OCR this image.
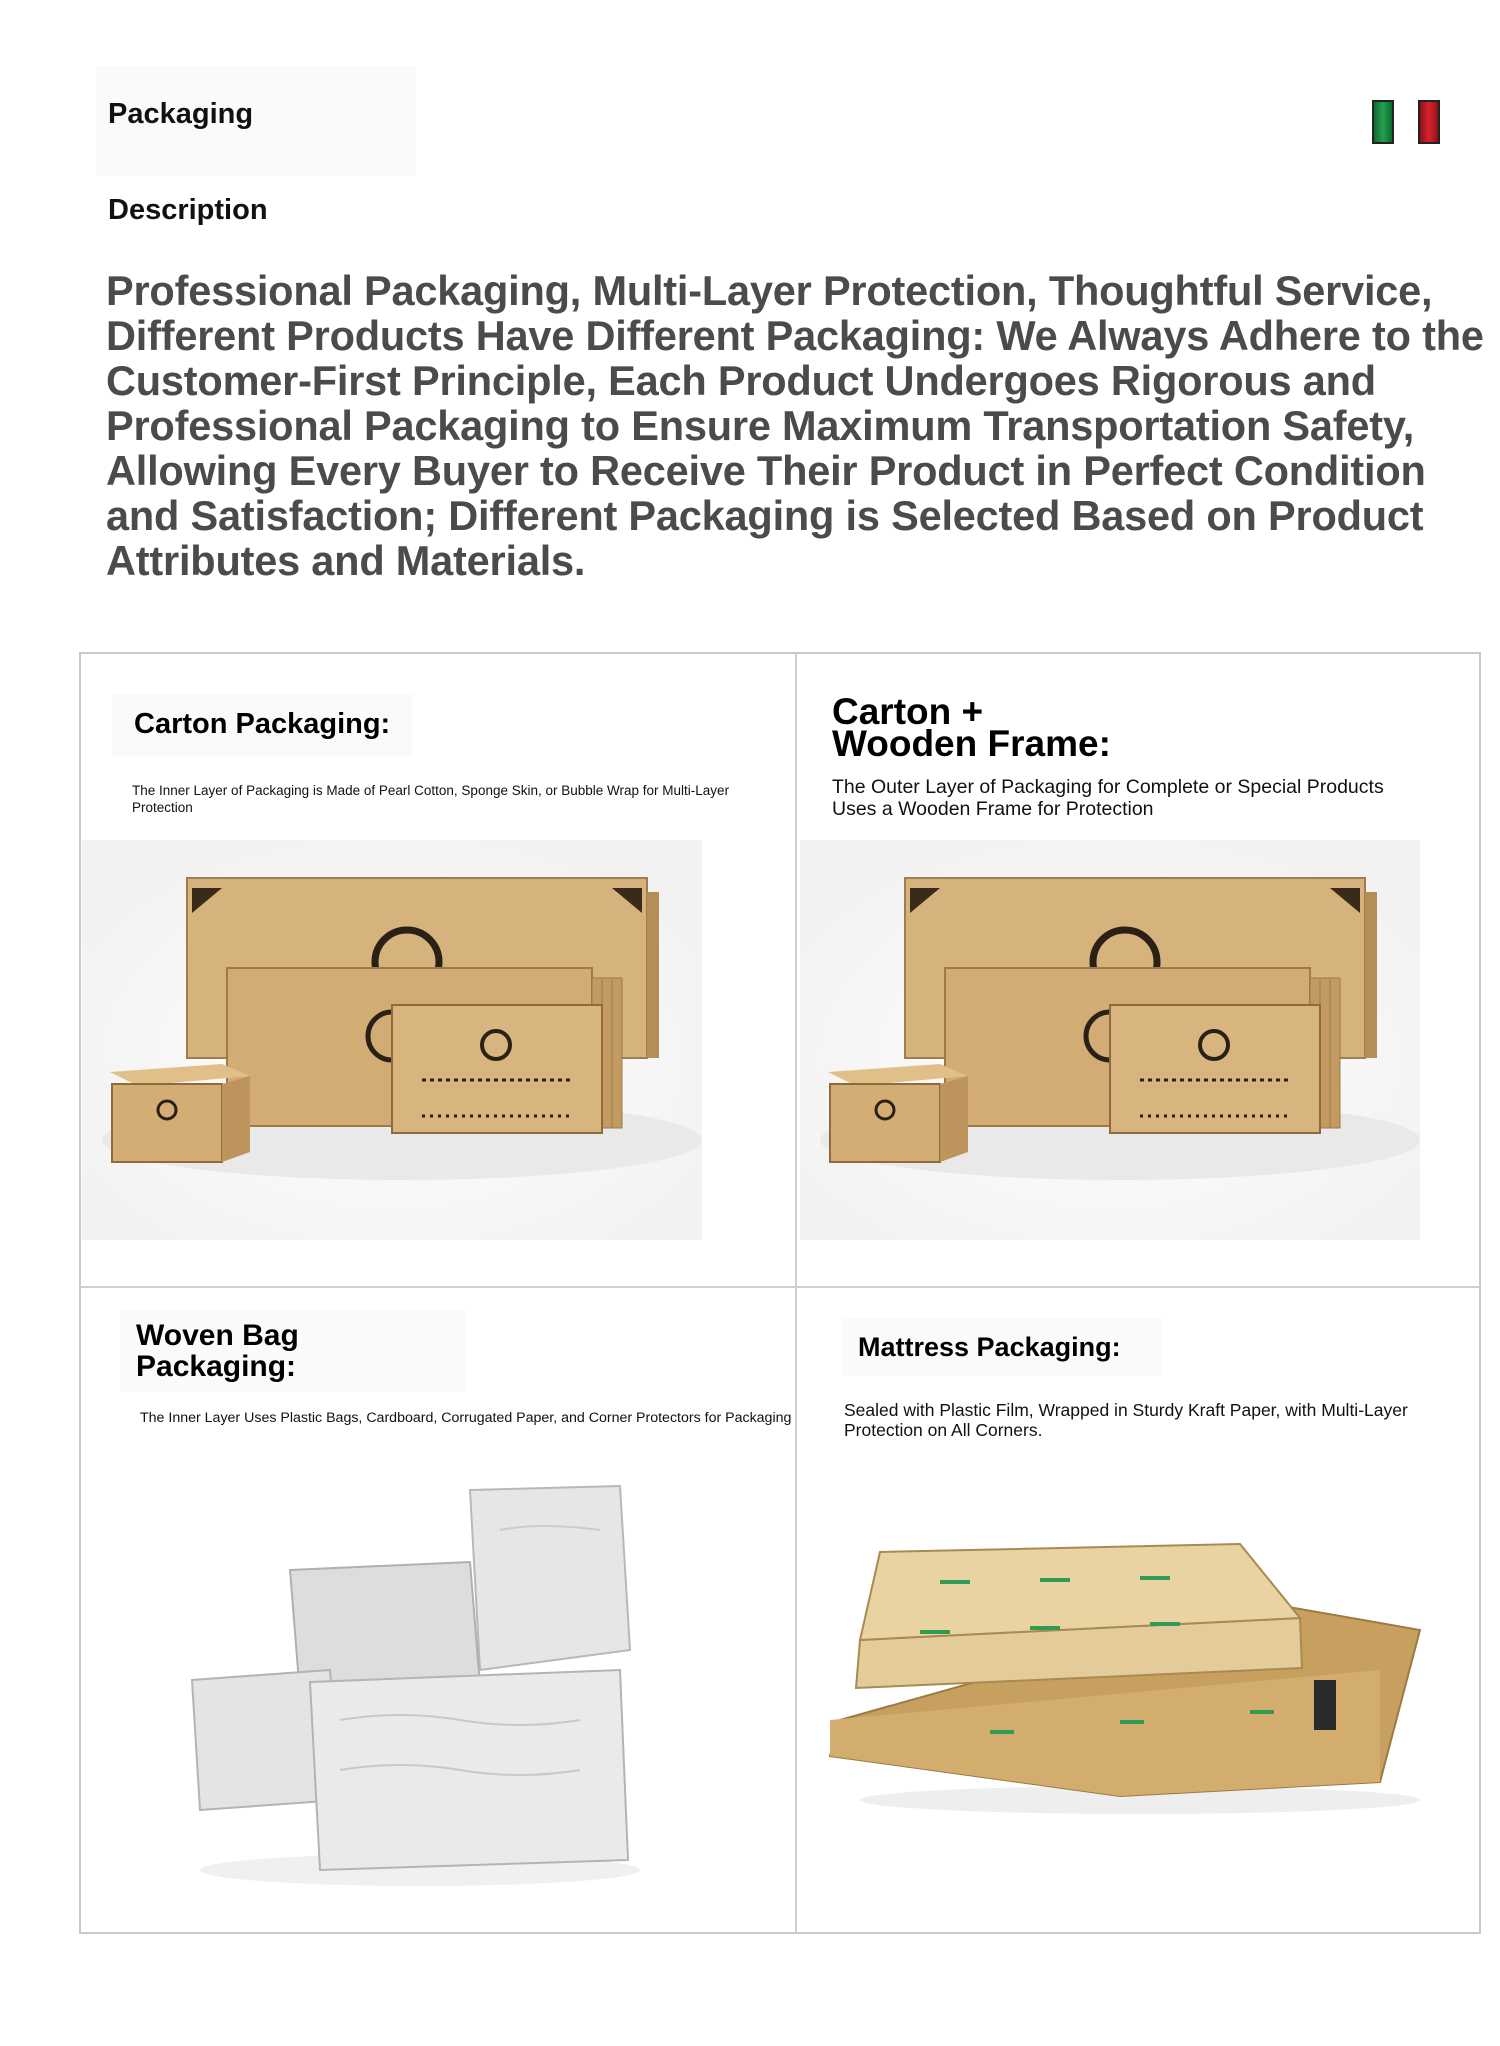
Packaging Description

Professional Packaging, Multi-Layer Protection, Thoughtful Service, Different Products Have Different Packaging: We Always Adhere to the Customer-First Principle, Each Product Undergoes Rigorous and Professional Packaging to Ensure Maximum Transportation Safety, Allowing Every Buyer to Receive Their Product in Perfect Condition and Satisfaction; Different Packaging is Selected Based on Product Attributes and Materials.

Carton Packaging:

The Inner Layer of Packaging is Made of Pearl Cotton, Sponge Skin, or Bubble Wrap for Multi-Layer Protection

Carton + Wooden Frame:

The Outer Layer of Packaging for Complete or Special Products Uses a Wooden Frame for Protection

Woven Bag Packaging:

The Inner Layer Uses Plastic Bags, Cardboard, Corrugated Paper, and Corner Protectors for Packaging

Mattress Packaging:

Sealed with Plastic Film, Wrapped in Sturdy Kraft Paper, with Multi-Layer Protection on All Corners.
